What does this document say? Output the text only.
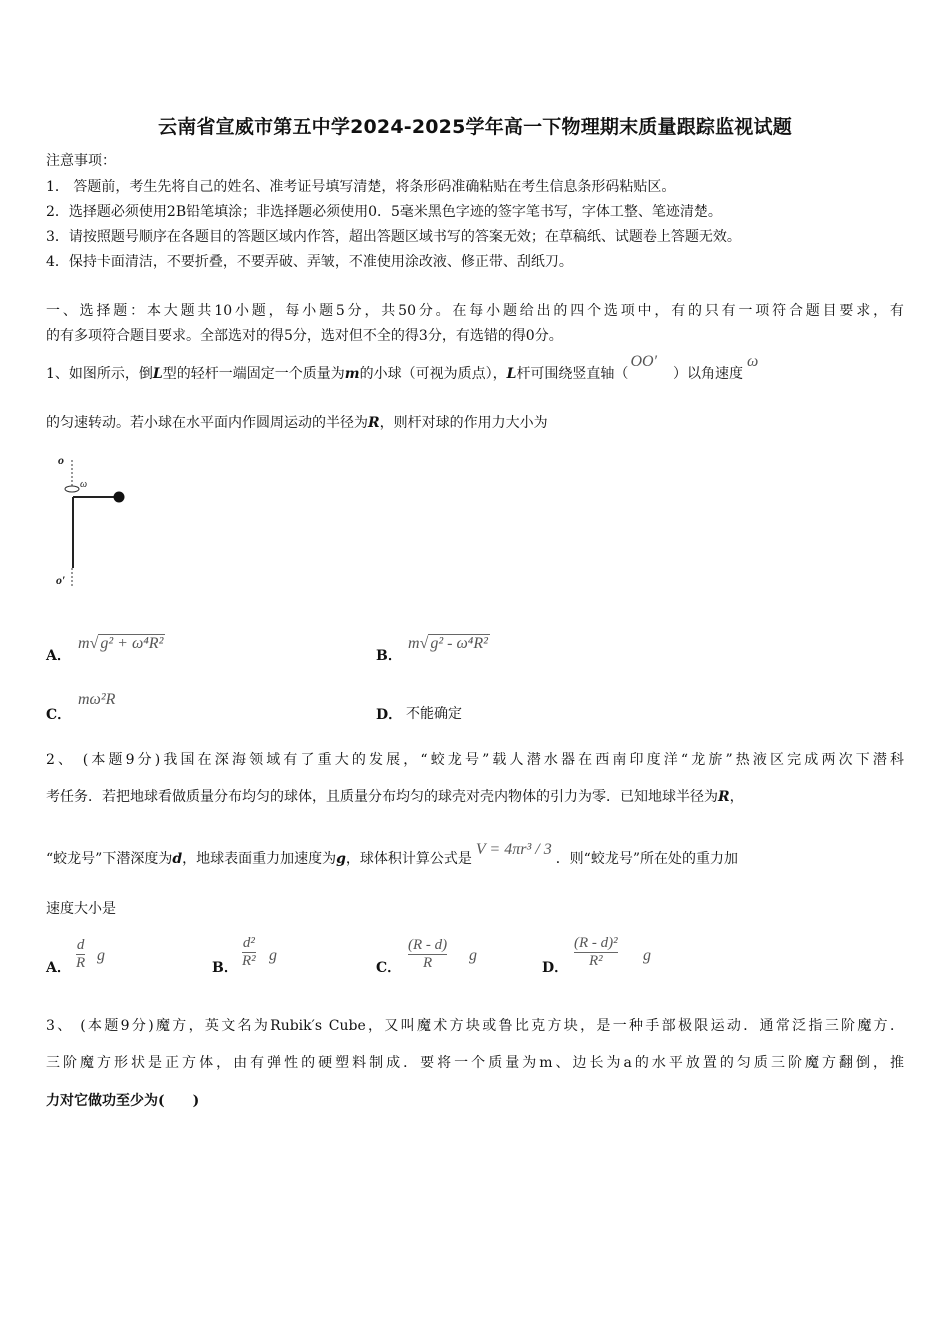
云南省宣威市第五中学2024-2025学年高一下物理期末质量跟踪监视试题
注意事项：
1． 答题前，考生先将自己的姓名、准考证号填写清楚，将条形码准确粘贴在考生信息条形码粘贴区。
2．选择题必须使用2B铅笔填涂；非选择题必须使用0．5毫米黑色字迹的签字笔书写，字体工整、笔迹清楚。
3．请按照题号顺序在各题目的答题区域内作答，超出答题区域书写的答案无效；在草稿纸、试题卷上答题无效。
4．保持卡面清洁，不要折叠，不要弄破、弄皱，不准使用涂改液、修正带、刮纸刀。
一、选择题：本大题共10小题，每小题5分，共50分。在每小题给出的四个选项中，有的只有一项符合题目要求，有
的有多项符合题目要求。全部选对的得5分，选对但不全的得3分，有选错的得0分。
1、如图所示，倒L型的轻杆一端固定一个质量为m的小球（可视为质点），L杆可围绕竖直轴（OO′　）以角速度ω
的匀速转动。若小球在水平面内作圆周运动的半径为R，则杆对球的作用力大小为
o
ω
o′
A．
m√ g² + ω⁴R²
B．
m√ g² - ω⁴R²
C．
mω²R
D． 不能确定
2、 (本题9分)我国在深海领域有了重大的发展，“蛟龙号”载人潜水器在西南印度洋“龙旂”热液区完成两次下潜科
考任务．若把地球看做质量分布均匀的球体，且质量分布均匀的球壳对壳内物体的引力为零．已知地球半径为R，
“蛟龙号”下潜深度为d，地球表面重力加速度为g，球体积计算公式是V = 4πr³ / 3．则“蛟龙号”所在处的重力加
速度大小是
A．
d
R g
B．
d²
R² g
C．
(R - d)
R g
D．
(R - d)²
R²	g
3、 (本题9分)魔方，英文名为Rubik′s Cube，又叫魔术方块或鲁比克方块，是一种手部极限运动．通常泛指三阶魔方．
三阶魔方形状是正方体，由有弹性的硬塑料制成．要将一个质量为m、边长为a的水平放置的匀质三阶魔方翻倒，推
力对它做功至少为(　　)
